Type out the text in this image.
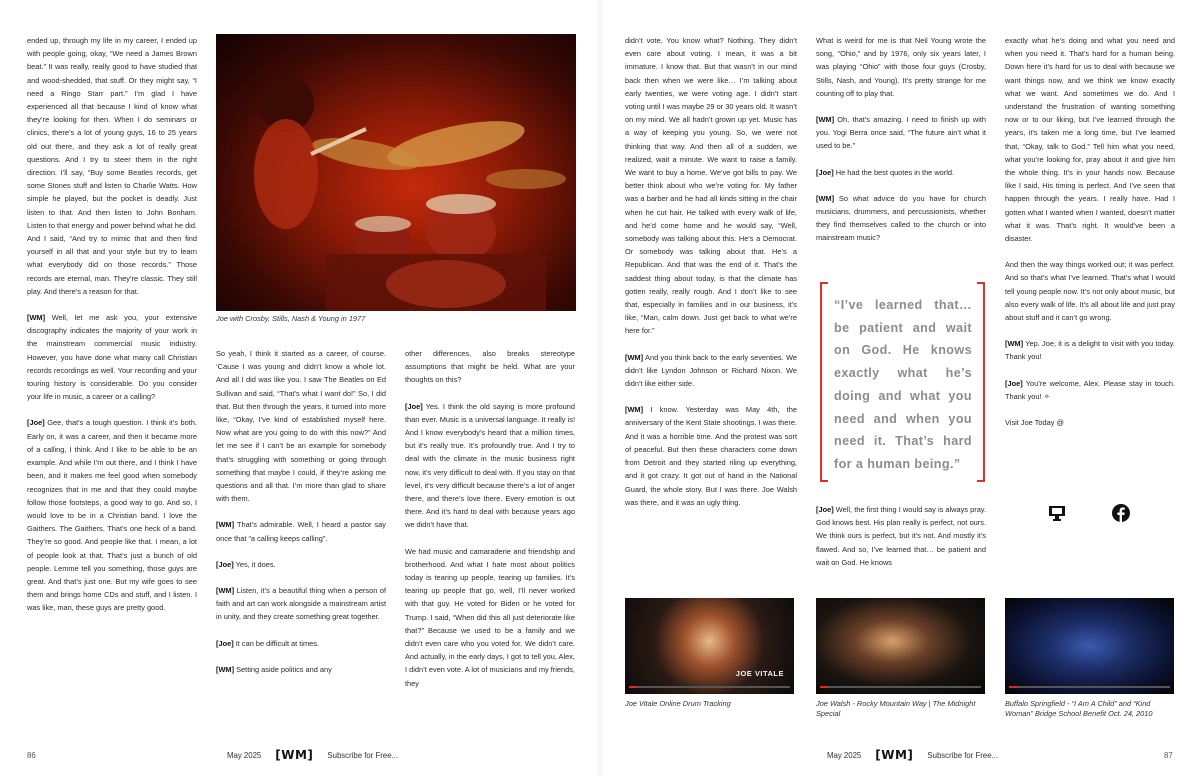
ended up, through my life in my career, I ended up with people going, okay, “We need a James Brown beat.” It was really, really good to have studied that and wood-shedded, that stuff. Or they might say, “I need a Ringo Starr part.” I’m glad I have experienced all that because I kind of know what they’re looking for then. When I do seminars or clinics, there’s a lot of young guys, 16 to 25 years old out there, and they ask a lot of really great questions. And I try to steer them in the right direction. I’ll say, “Buy some Beatles records, get some Stones stuff and listen to Charlie Watts. How simple he played, but the pocket is deadly. Just listen to that. And then listen to John Bonham. Listen to that energy and power behind what he did. And I said, “And try to mimic that and then find yourself in all that and your style but try to learn what everybody did on those records.” Those records are eternal, man. They’re classic. They still play. And there’s a reason for that.

[WM] Well, let me ask you, your extensive discography indicates the majority of your work in the mainstream commercial music industry. However, you have done what many call Christian records recordings as well. Your recording and your touring history is considerable. Do you consider your life in music, a career or a calling?

[Joe] Gee, that’s a tough question. I think it’s both. Early on, it was a career, and then it became more of a calling, I think. And I like to be able to be an example. And while I’m out there, and I think I have been, and it makes me feel good when somebody recognizes that in me and that they could maybe follow those footsteps, a good way to go. And so, I would love to be in a Christian band. I love the Gaithers. The Gaithers. That’s one heck of a band. They’re so good. And people like that. I mean, a lot of people look at that. That’s just a bunch of old people. Lemme tell you something, those guys are great. And that’s just one. But my wife goes to see them and brings home CDs and stuff, and I listen. I was like, man, these guys are pretty good.

Joe with Crosby, Stills, Nash & Young in 1977

So yeah, I think it started as a career, of course. ‘Cause I was young and didn’t know a whole lot. And all I did was like you. I saw The Beatles on Ed Sullivan and said, “That’s what I want do!” So, I did that. But then through the years, it turned into more like, “Okay, I’ve kind of established myself here. Now what are you going to do with this now?” And let me see if I can’t be an example for somebody that’s struggling with something or going through something that maybe I could, if they’re asking me questions and all that. I’m more than glad to share with them.

[WM] That’s admirable. Well, I heard a pastor say once that “a calling keeps calling”.

[Joe] Yes, it does.

[WM] Listen, it’s a beautiful thing when a person of faith and art can work alongside a mainstream artist in unity, and they create something great together.

[Joe] It can be difficult at times.

[WM] Setting aside politics and any

other differences, also breaks stereotype assumptions that might be held. What are your thoughts on this?

[Joe] Yes. I think the old saying is more profound than ever. Music is a universal language. It really is! And I know everybody’s heard that a million times, but it’s really true. It’s profoundly true. And I try to deal with the climate in the music business right now, it’s very difficult to deal with. If you stay on that level, it’s very difficult because there’s a lot of anger there, and there’s love there. Every emotion is out there. And it’s hard to deal with because years ago we didn’t have that.

We had music and camaraderie and friendship and brotherhood. And what I hate most about politics today is tearing up people, tearing up families. It’s tearing up people that go, well, I’ll never worked with that guy. He voted for Biden or he voted for Trump. I said, “When did this all just deteriorate like that?” Because we used to be a family and we didn’t even care who you voted for. We didn’t care. And actually, in the early days, I got to tell you, Alex, I didn’t even vote. A lot of musicians and my friends, they

86	May 2025 [WM] Subscribe for Free...

didn’t vote. You know what? Nothing. They didn’t even care about voting. I mean, it was a bit immature. I know that. But that wasn’t in our mind back then when we were like… I’m talking about early twenties, we were voting age. I didn’t start voting until I was maybe 29 or 30 years old. It wasn’t on my mind. We all hadn’t grown up yet. Music has a way of keeping you young. So, we were not thinking that way. And then all of a sudden, we realized, wait a minute. We want to raise a family. We want to buy a home. We’ve got bills to pay. We better think about who we’re voting for. My father was a barber and he had all kinds sitting in the chair when he cut hair. He talked with every walk of life, and he’d come home and he would say, “Well, somebody was talking about this. He’s a Democrat. Or somebody was talking about that. He’s a Republican. And that was the end of it. That’s the saddest thing about today, is that the climate has gotten really, really rough. And I don’t like to see that, especially in families and in our business, it’s like, “Man, calm down. Just get back to what we’re here for.”

[WM] And you think back to the early seventies. We didn’t like Lyndon Johnson or Richard Nixon. We didn’t like either side.

[WM] I know. Yesterday was May 4th, the anniversary of the Kent State shootings. I was there. And it was a horrible time. And the protest was sort of peaceful. But then these characters come down from Detroit and they started riling up everything, and it got crazy. It got out of hand in the National Guard, the whole story. But I was there. Joe Walsh was there, and it was an ugly thing.

What is weird for me is that Neil Young wrote the song, “Ohio,” and by 1976, only six years later, I was playing “Ohio” with those four guys (Crosby, Stills, Nash, and Young). It’s pretty strange for me counting off to play that.

[WM] Oh, that’s amazing. I need to finish up with you. Yogi Berra once said, “The future ain’t what it used to be.”

[Joe] He had the best quotes in the world.

[WM] So what advice do you have for church musicians, drummers, and percussionists, whether they find themselves called to the church or into mainstream music?

[Joe] Well, the first thing I would say is always pray. God knows best. His plan really is perfect, not ours. We think ours is perfect, but it’s not. And mostly it’s flawed. And so, I’ve learned that… be patient and wait on God. He knows

exactly what he’s doing and what you need and when you need it. That’s hard for a human being. Down here it’s hard for us to deal with because we want things now, and we think we know exactly what we want. And sometimes we do. And I understand the frustration of wanting something now or to our liking, but I’ve learned through the years, it’s taken me a long time, but I’ve learned that, “Okay, talk to God.” Tell him what you need, what you’re looking for, pray about it and give him the whole thing. It’s in your hands now. Because like I said, His timing is perfect. And I’ve seen that happen through the years. I really have. Had I gotten what I wanted when I wanted, doesn’t matter what it was. That’s right. It would’ve been a disaster.

And then the way things worked out; it was perfect. And so that’s what I’ve learned. That’s what I would tell young people now. It’s not only about music, but also every walk of life. It’s all about life and just pray about stuff and it can’t go wrong.

[WM] Yep. Joe, it is a delight to visit with you today. Thank you!

[Joe] You’re welcome, Alex. Please stay in touch. Thank you! ✧

Visit Joe Today @

JOE VITALE
Joe Vitale Online Drum Tracking	Joe Walsh - Rocky Mountain Way | The Midnight Special
Buffalo Springfield - “I Am A Child” and “Kind Woman” Bridge School Benefit Oct. 24, 2010
87
May 2025 [WM] Subscribe for Free...
“I’ve learned that… be patient and wait on God. He knows exactly what he’s doing and what you need and when you need it. That’s hard for a human being.”
